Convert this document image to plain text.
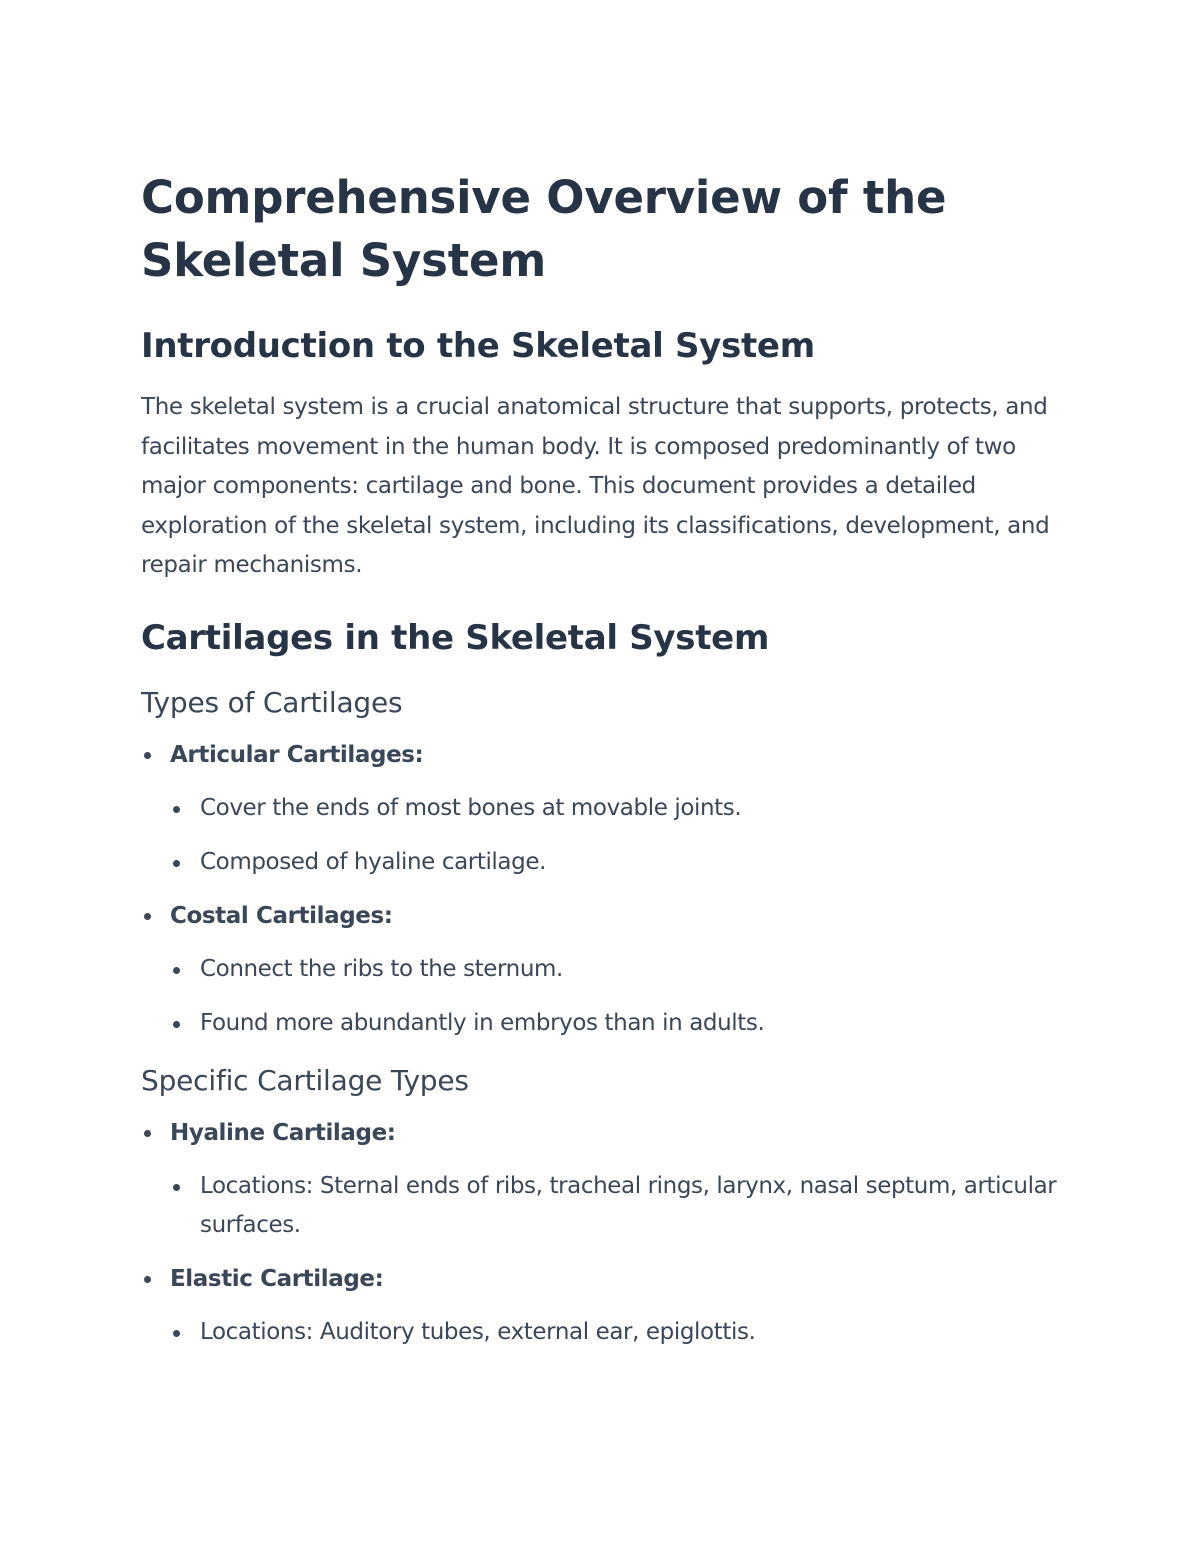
Comprehensive Overview of the Skeletal System
Introduction to the Skeletal System

The skeletal system is a crucial anatomical structure that supports, protects, and facilitates movement in the human body. It is composed predominantly of two major components: cartilage and bone. This document provides a detailed exploration of the skeletal system, including its classifications, development, and repair mechanisms.

Cartilages in the Skeletal System
Types of Cartilages
Articular Cartilages:
Cover the ends of most bones at movable joints.
Composed of hyaline cartilage.
Costal Cartilages:
Connect the ribs to the sternum.
Found more abundantly in embryos than in adults.
Specific Cartilage Types
Hyaline Cartilage:
Locations: Sternal ends of ribs, tracheal rings, larynx, nasal septum, articular surfaces.
Elastic Cartilage:
Locations: Auditory tubes, external ear, epiglottis.
